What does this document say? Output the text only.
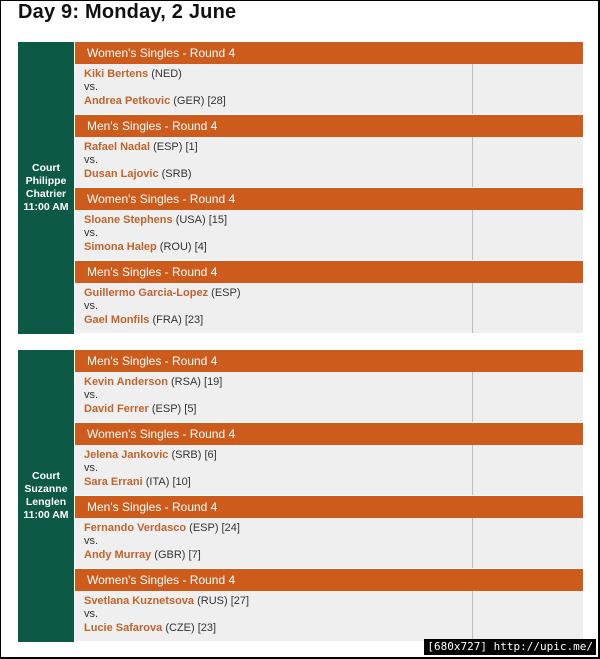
Day 9: Monday, 2 June
Court
Philippe
Chatrier
11:00 AM
Women's Singles - Round 4
Kiki Bertens (NED)
vs.
Andrea Petkovic (GER) [28]
Men's Singles - Round 4
Rafael Nadal (ESP) [1]
vs.
Dusan Lajovic (SRB)
Women's Singles - Round 4
Sloane Stephens (USA) [15]
vs.
Simona Halep (ROU) [4]
Men's Singles - Round 4
Guillermo Garcia-Lopez (ESP)
vs.
Gael Monfils (FRA) [23]
Court
Suzanne
Lenglen
11:00 AM
Men's Singles - Round 4
Kevin Anderson (RSA) [19]
vs.
David Ferrer (ESP) [5]
Women's Singles - Round 4
Jelena Jankovic (SRB) [6]
vs.
Sara Errani (ITA) [10]
Men's Singles - Round 4
Fernando Verdasco (ESP) [24]
vs.
Andy Murray (GBR) [7]
Women's Singles - Round 4
Svetlana Kuznetsova (RUS) [27]
vs.
Lucie Safarova (CZE) [23]
[680x727] http://upic.me/
